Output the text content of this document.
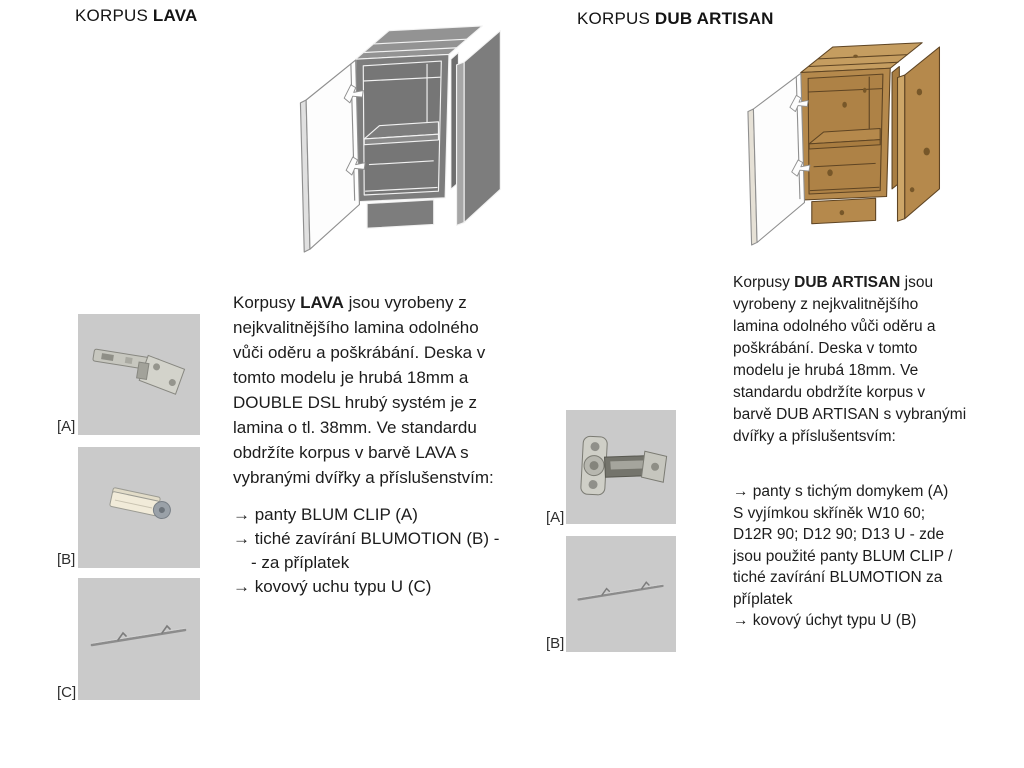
KORPUS LAVA
[A]
[B]
[C]
Korpusy LAVA jsou vyrobeny z
nejkvalitnějšího lamina odolného
vůči oděru a poškrábání. Deska v
tomto modelu je hrubá 18mm a
DOUBLE DSL hrubý systém je z
lamina o tl. 38mm. Ve standardu
obdržíte korpus v barvě LAVA s
vybranými dvířky a příslušenstvím:
→ panty BLUM CLIP (A)
→ tiché zavírání BLUMOTION (B) -
- za příplatek
→ kovový uchu typu U (C)
KORPUS DUB ARTISAN
[A]
[B]
Korpusy DUB ARTISAN jsou
vyrobeny z nejkvalitnějšího
lamina odolného vůči oděru a
poškrábání. Deska v tomto
modelu je hrubá 18mm. Ve
standardu obdržíte korpus v
barvě DUB ARTISAN s vybranými
dvířky a příslušentsvím:
→ panty s tichým domykem (A)
S vyjímkou skříněk W10 60;
D12R 90; D12 90; D13 U - zde
jsou použité panty BLUM CLIP /
tiché zavírání BLUMOTION za
příplatek
→ kovový úchyt typu U (B)
